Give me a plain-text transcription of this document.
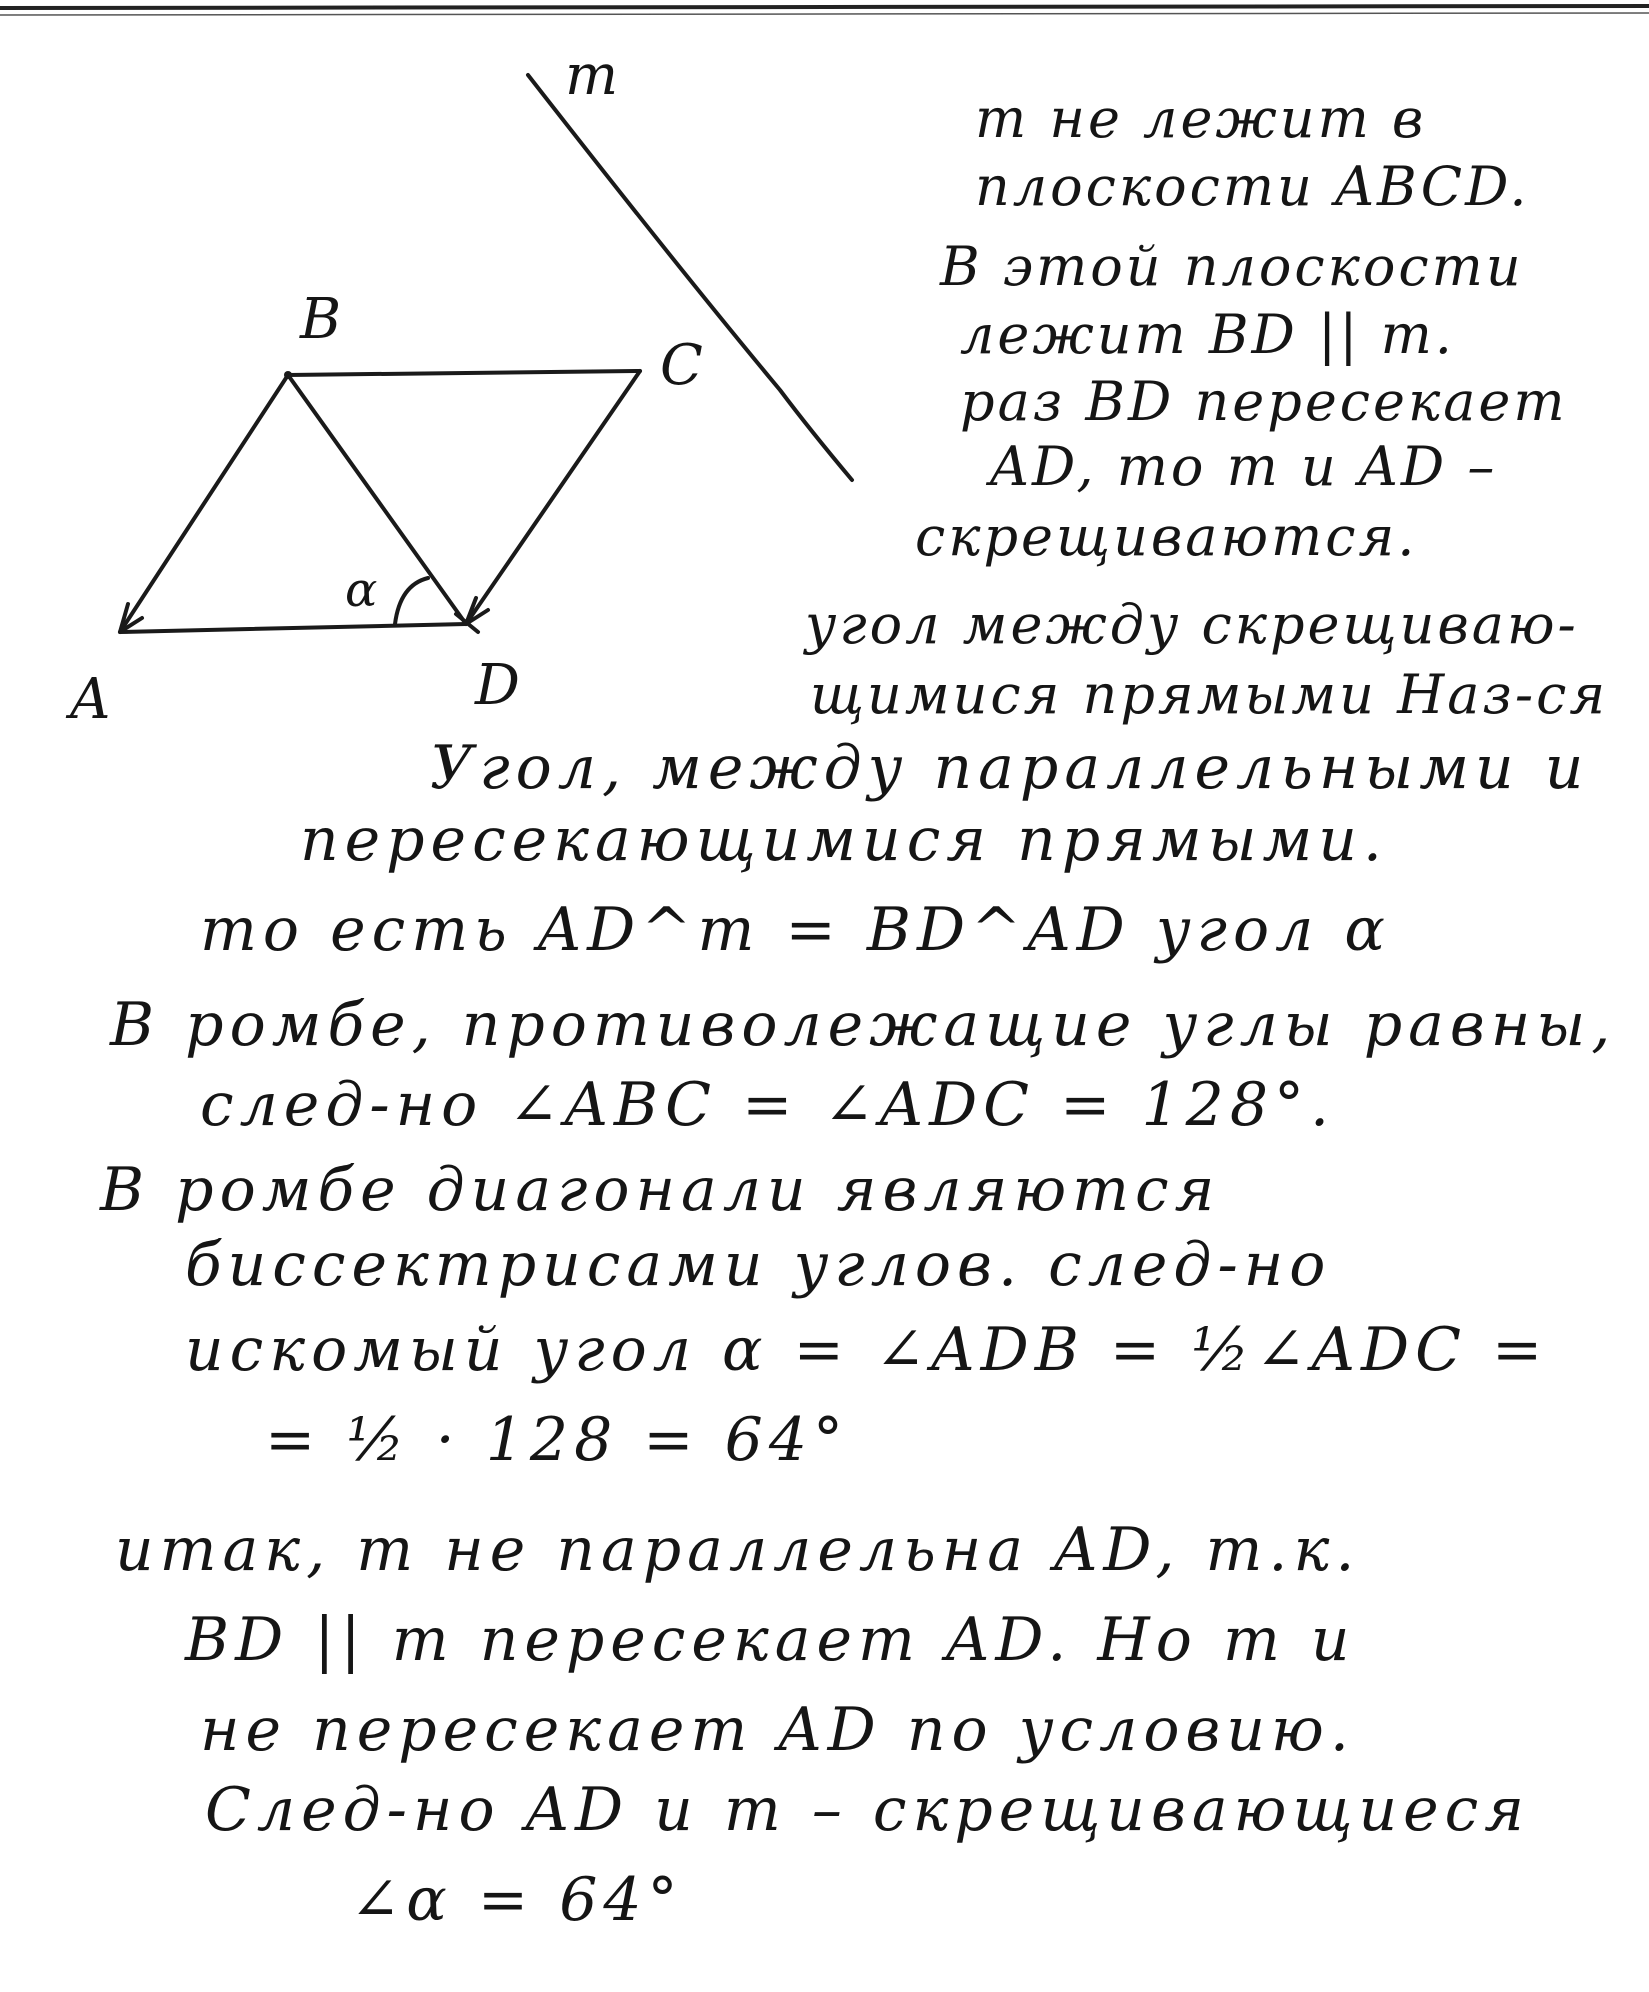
B
C
A	D
m
α
m не лежит в
плоскости ABCD.
В этой плоскости
лежит BD || m.
раз BD пересекает
AD, то m и AD –
скрещиваются.
угол между скрещиваю-
щимися прямыми Наз-ся
Угол, между параллельными и
пересекающимися прямыми.
то есть AD^m = BD^AD угол α
В ромбе, противолежащие углы равны,
след-но ∠ABC = ∠ADC = 128°.
В ромбе диагонали являются
биссектрисами углов. след-но
искомый угол α = ∠ADB = ½∠ADC =
= ½ · 128 = 64°
итак, m не параллельна AD, т.к.
BD || m пересекает AD. Но m и
не пересекает AD по условию.
След-но AD и m – скрещивающиеся
∠α = 64°
